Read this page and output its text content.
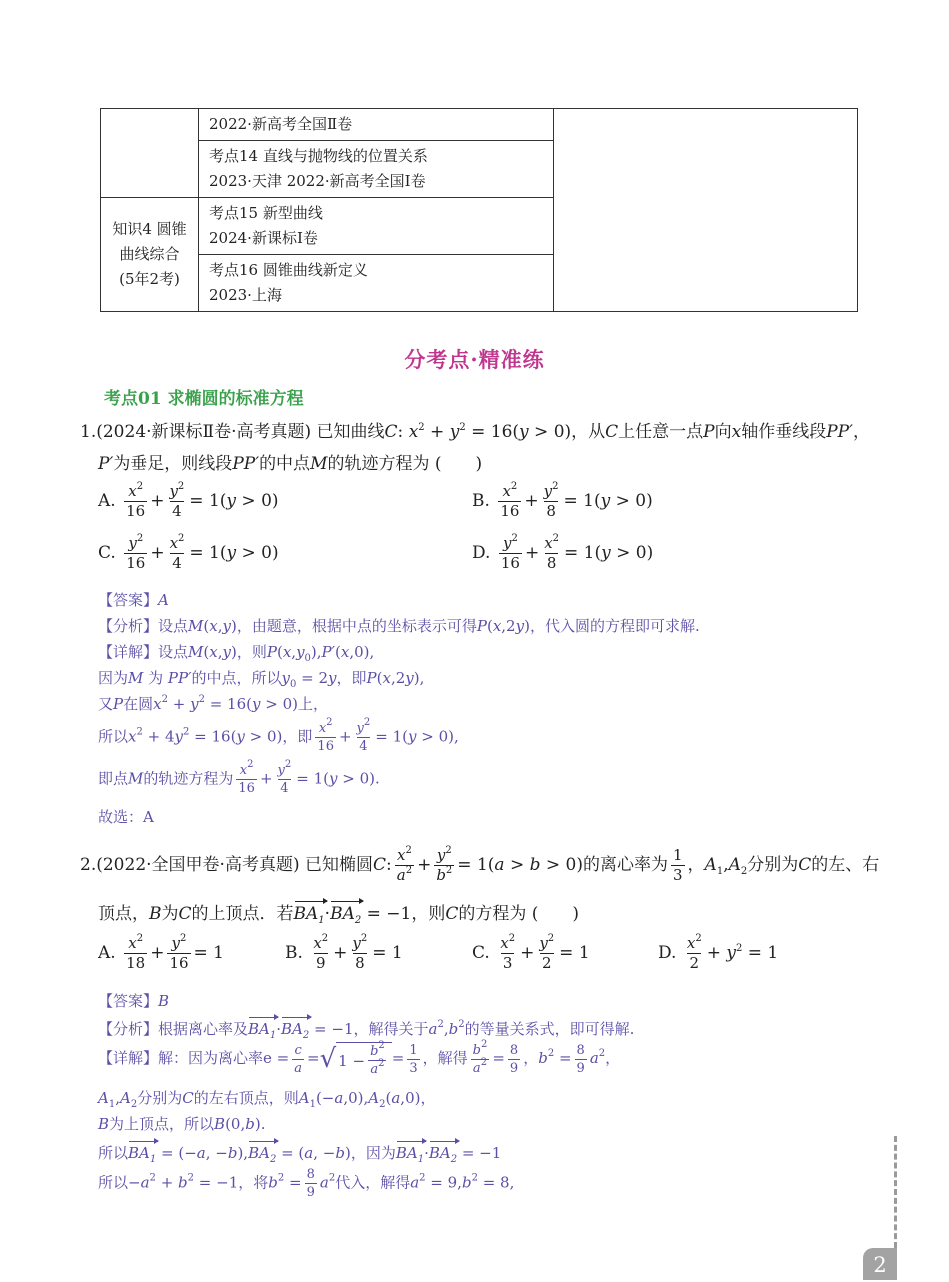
	2022·新高考全国Ⅱ卷	

	考点14 直线与抛物线的位置关系
2023·天津 2022·新高考全国Ⅰ卷	

知识4 圆锥
曲线综合
(5年2考)	考点15 新型曲线
2024·新课标Ⅰ卷	

	考点16 圆锥曲线新定义
2023·上海	
分考点·精准练
考点01 求椭圆的标准方程
1.(2024·新课标Ⅱ卷·高考真题) 已知曲线C: $x^2 + y^2 = 16(y > 0)$，从C上任意一点P向x轴作垂线段PP′，
P′为垂足，则线段PP′的中点M的轨迹方程为 (　　)
A. $\frac{x^2}{16} + \frac{y^2}{4} = 1(y > 0)$	B. $\frac{x^2}{16} + \frac{y^2}{8} = 1(y > 0)$
C. $\frac{y^2}{16} + \frac{x^2}{4} = 1(y > 0)$	D. $\frac{y^2}{16} + \frac{x^2}{8} = 1(y > 0)$
【答案】A
【分析】设点M(x,y)，由题意，根据中点的坐标表示可得P(x,2y)，代入圆的方程即可求解.
【详解】设点M(x,y)，则$P(x,y_0),P'(x,0)$,
因为M 为 PP′的中点，所以$y_0 = 2y$，即P(x,2y),
又P在圆$x^2 + y^2 = 16(y > 0)$上，
所以$x^2 + 4y^2 = 16(y > 0)$，即 $\frac{x^2}{16} + \frac{y^2}{4} = 1(y > 0)$,
即点M的轨迹方程为 $\frac{x^2}{16} + \frac{y^2}{4} = 1(y > 0)$.
故选：A
2.(2022·全国甲卷·高考真题) 已知椭圆C: $\frac{x^2}{a^2} + \frac{y^2}{b^2} = 1(a > b > 0)$的离心率为 $\frac{1}{3}$ ，$A_1,A_2$分别为C的左、右
顶点，B为C的上顶点．若$BA_1\cdot BA_2 = -1$，则C的方程为 (　　)
A. $\frac{x^2}{18} + \frac{y^2}{16} = 1$	B. $\frac{x^2}{9} + \frac{y^2}{8} = 1$	C. $\frac{x^2}{3} + \frac{y^2}{2} = 1$	D. $\frac{x^2}{2} + y^2 = 1$
【答案】B
【分析】根据离心率及$BA_1\cdot BA_2 = -1$，解得关于$a^2,b^2$的等量关系式，即可得解.
【详解】解：因为离心率$e = \frac{c}{a}$ = √ $1 - \frac{b^2}{a^2} = \frac{1}{3}$ ，解得 $\frac{b^2}{a^2} = \frac{8}{9}$ ，$b^2 = \frac{8}{9} a^2$，
$A_1,A_2$分别为C的左右顶点，则$A_1(-a,0),A_2(a,0)$，
B为上顶点，所以B(0,b).
所以$BA_1 = (-a$, $-b),BA_2 = (a$, −b)，因为$BA_1\cdot BA_2 = -1$
所以$-a^2 + b^2 = -1$，将$b^2 = \frac{8}{9} a^2$代入，解得$a^2 = 9,b^2 = 8$,
2
